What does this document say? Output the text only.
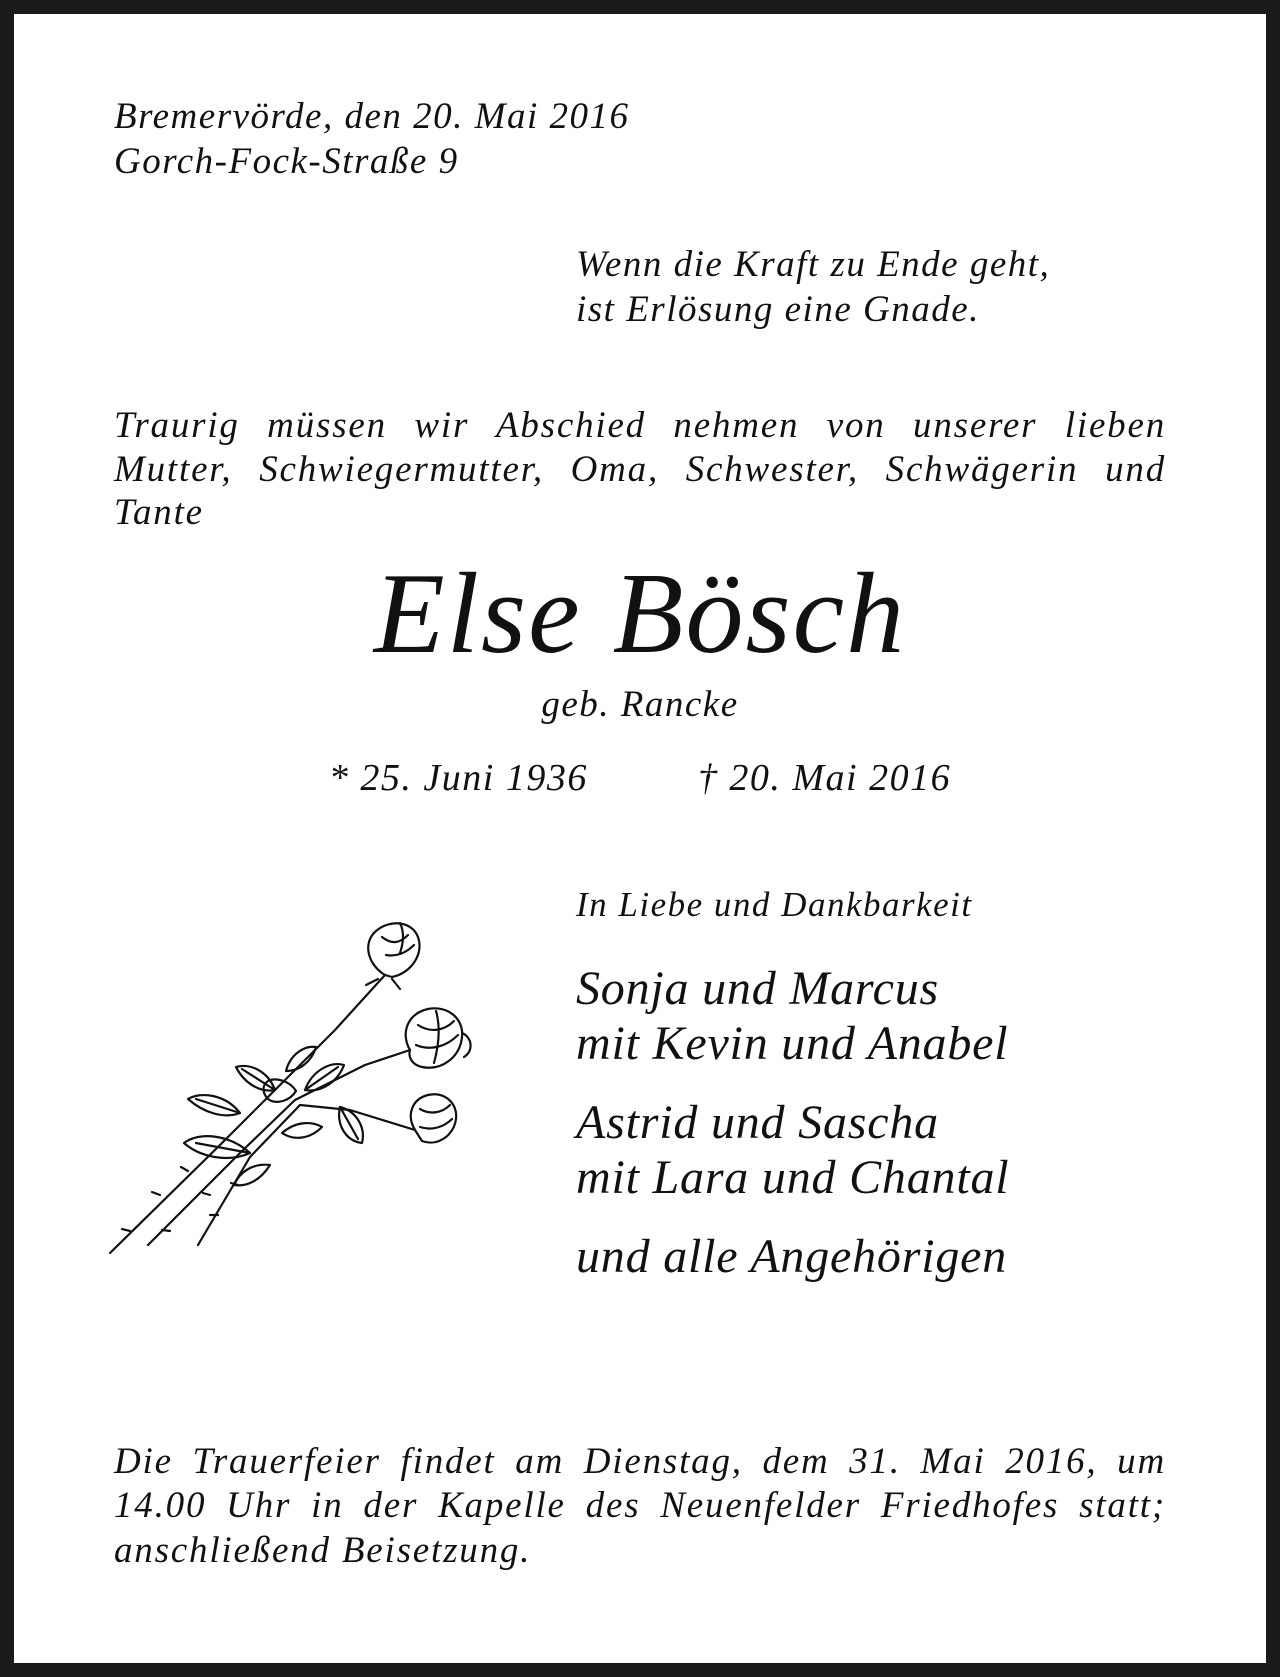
Bremervörde, den 20. Mai 2016
Gorch-Fock-Straße 9
Wenn die Kraft zu Ende geht,
ist Erlösung eine Gnade.
Traurig müssen wir Abschied nehmen von unserer lieben Mutter, Schwiegermutter, Oma, Schwester, Schwägerin und Tante
Else Bösch
geb. Rancke
* 25. Juni 1936	† 20. Mai 2016
In Liebe und Dankbarkeit
Sonja und Marcus
mit Kevin und Anabel
Astrid und Sascha
mit Lara und Chantal
und alle Angehörigen
Die Trauerfeier findet am Dienstag, dem 31. Mai 2016, um 14.00 Uhr in der Kapelle des Neuenfelder Friedhofes statt; anschließend Beisetzung.
